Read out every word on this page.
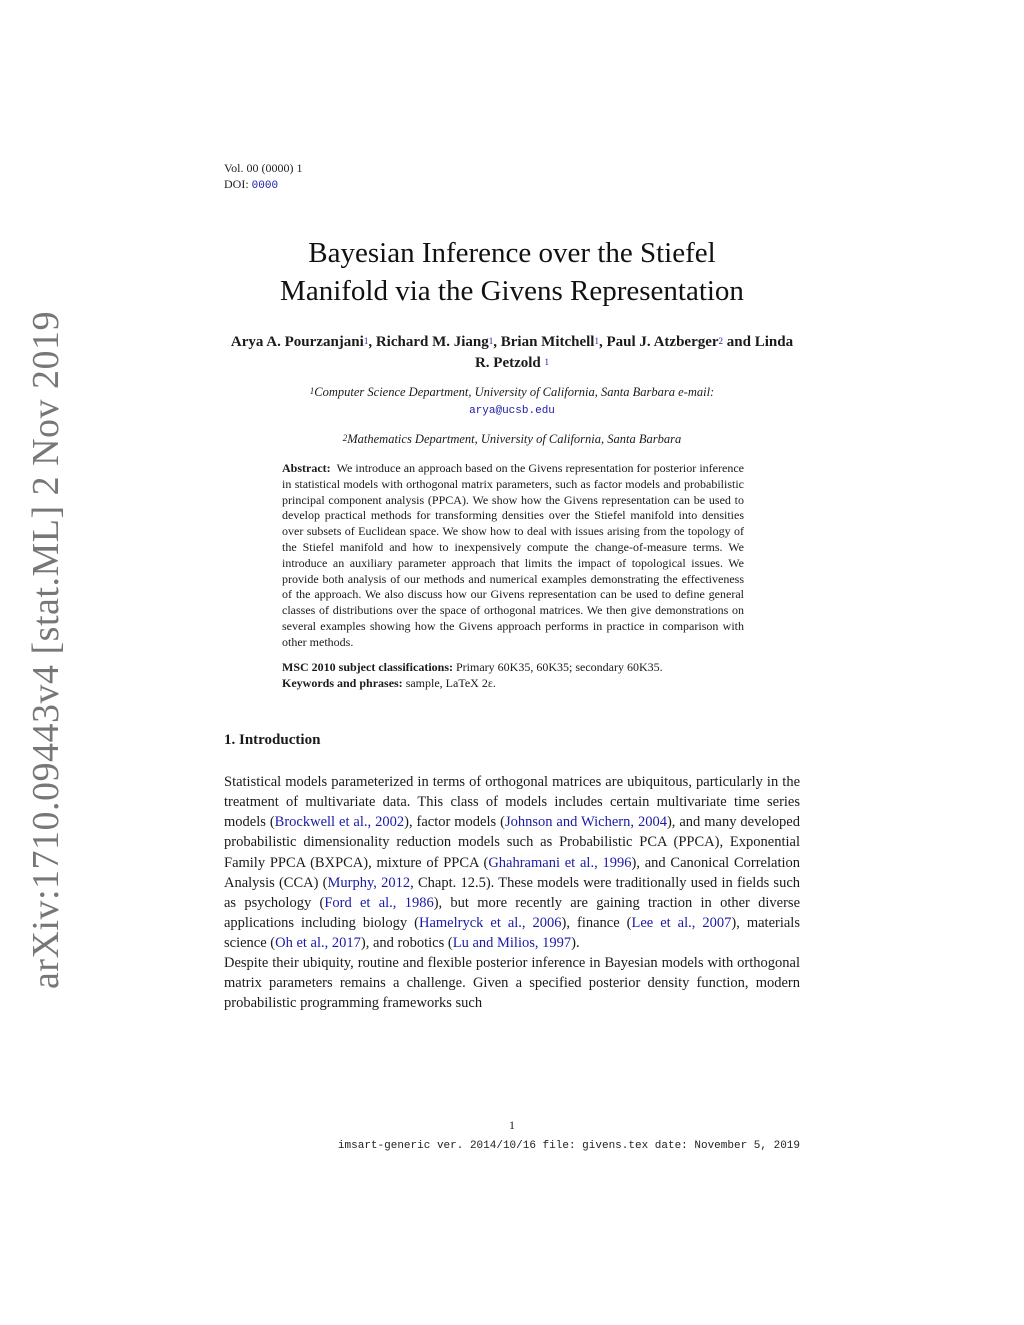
arXiv:1710.09443v4 [stat.ML] 2 Nov 2019
Vol. 00 (0000) 1
DOI: 0000
Bayesian Inference over the Stiefel
Manifold via the Givens Representation
Arya A. Pourzanjani$^1$, Richard M. Jiang$^1$, Brian Mitchell$^1$, Paul J. Atzberger$^2$ and Linda R. Petzold $^1$
$^1$Computer Science Department, University of California, Santa Barbara e-mail:
arya@ucsb.edu
$^2$Mathematics Department, University of California, Santa Barbara
Abstract: We introduce an approach based on the Givens representation for posterior inference in statistical models with orthogonal matrix parameters, such as factor models and probabilistic principal component analysis (PPCA). We show how the Givens representation can be used to develop practical methods for transforming densities over the Stiefel manifold into densities over subsets of Euclidean space. We show how to deal with issues arising from the topology of the Stiefel manifold and how to inexpensively compute the change-of-measure terms. We introduce an auxiliary parameter approach that limits the impact of topological issues. We provide both analysis of our methods and numerical examples demonstrating the effectiveness of the approach. We also discuss how our Givens representation can be used to define general classes of distributions over the space of orthogonal matrices. We then give demonstrations on several examples showing how the Givens approach performs in practice in comparison with other methods.
MSC 2010 subject classifications: Primary 60K35, 60K35; secondary 60K35.
Keywords and phrases: sample, LaTeX 2ε.
1. Introduction

Statistical models parameterized in terms of orthogonal matrices are ubiquitous, particularly in the treatment of multivariate data. This class of models includes certain multivariate time series models (Brockwell et al., 2002), factor models (Johnson and Wichern, 2004), and many developed probabilistic dimensionality reduction models such as Probabilistic PCA (PPCA), Exponential Family PPCA (BXPCA), mixture of PPCA (Ghahramani et al., 1996), and Canonical Correlation Analysis (CCA) (Murphy, 2012, Chapt. 12.5). These models were traditionally used in fields such as psychology (Ford et al., 1986), but more recently are gaining traction in other diverse applications including biology (Hamelryck et al., 2006), finance (Lee et al., 2007), materials science (Oh et al., 2017), and robotics (Lu and Milios, 1997).

Despite their ubiquity, routine and flexible posterior inference in Bayesian models with orthogonal matrix parameters remains a challenge. Given a specified posterior density function, modern probabilistic programming frameworks such

1
imsart-generic ver. 2014/10/16 file: givens.tex date: November 5, 2019
